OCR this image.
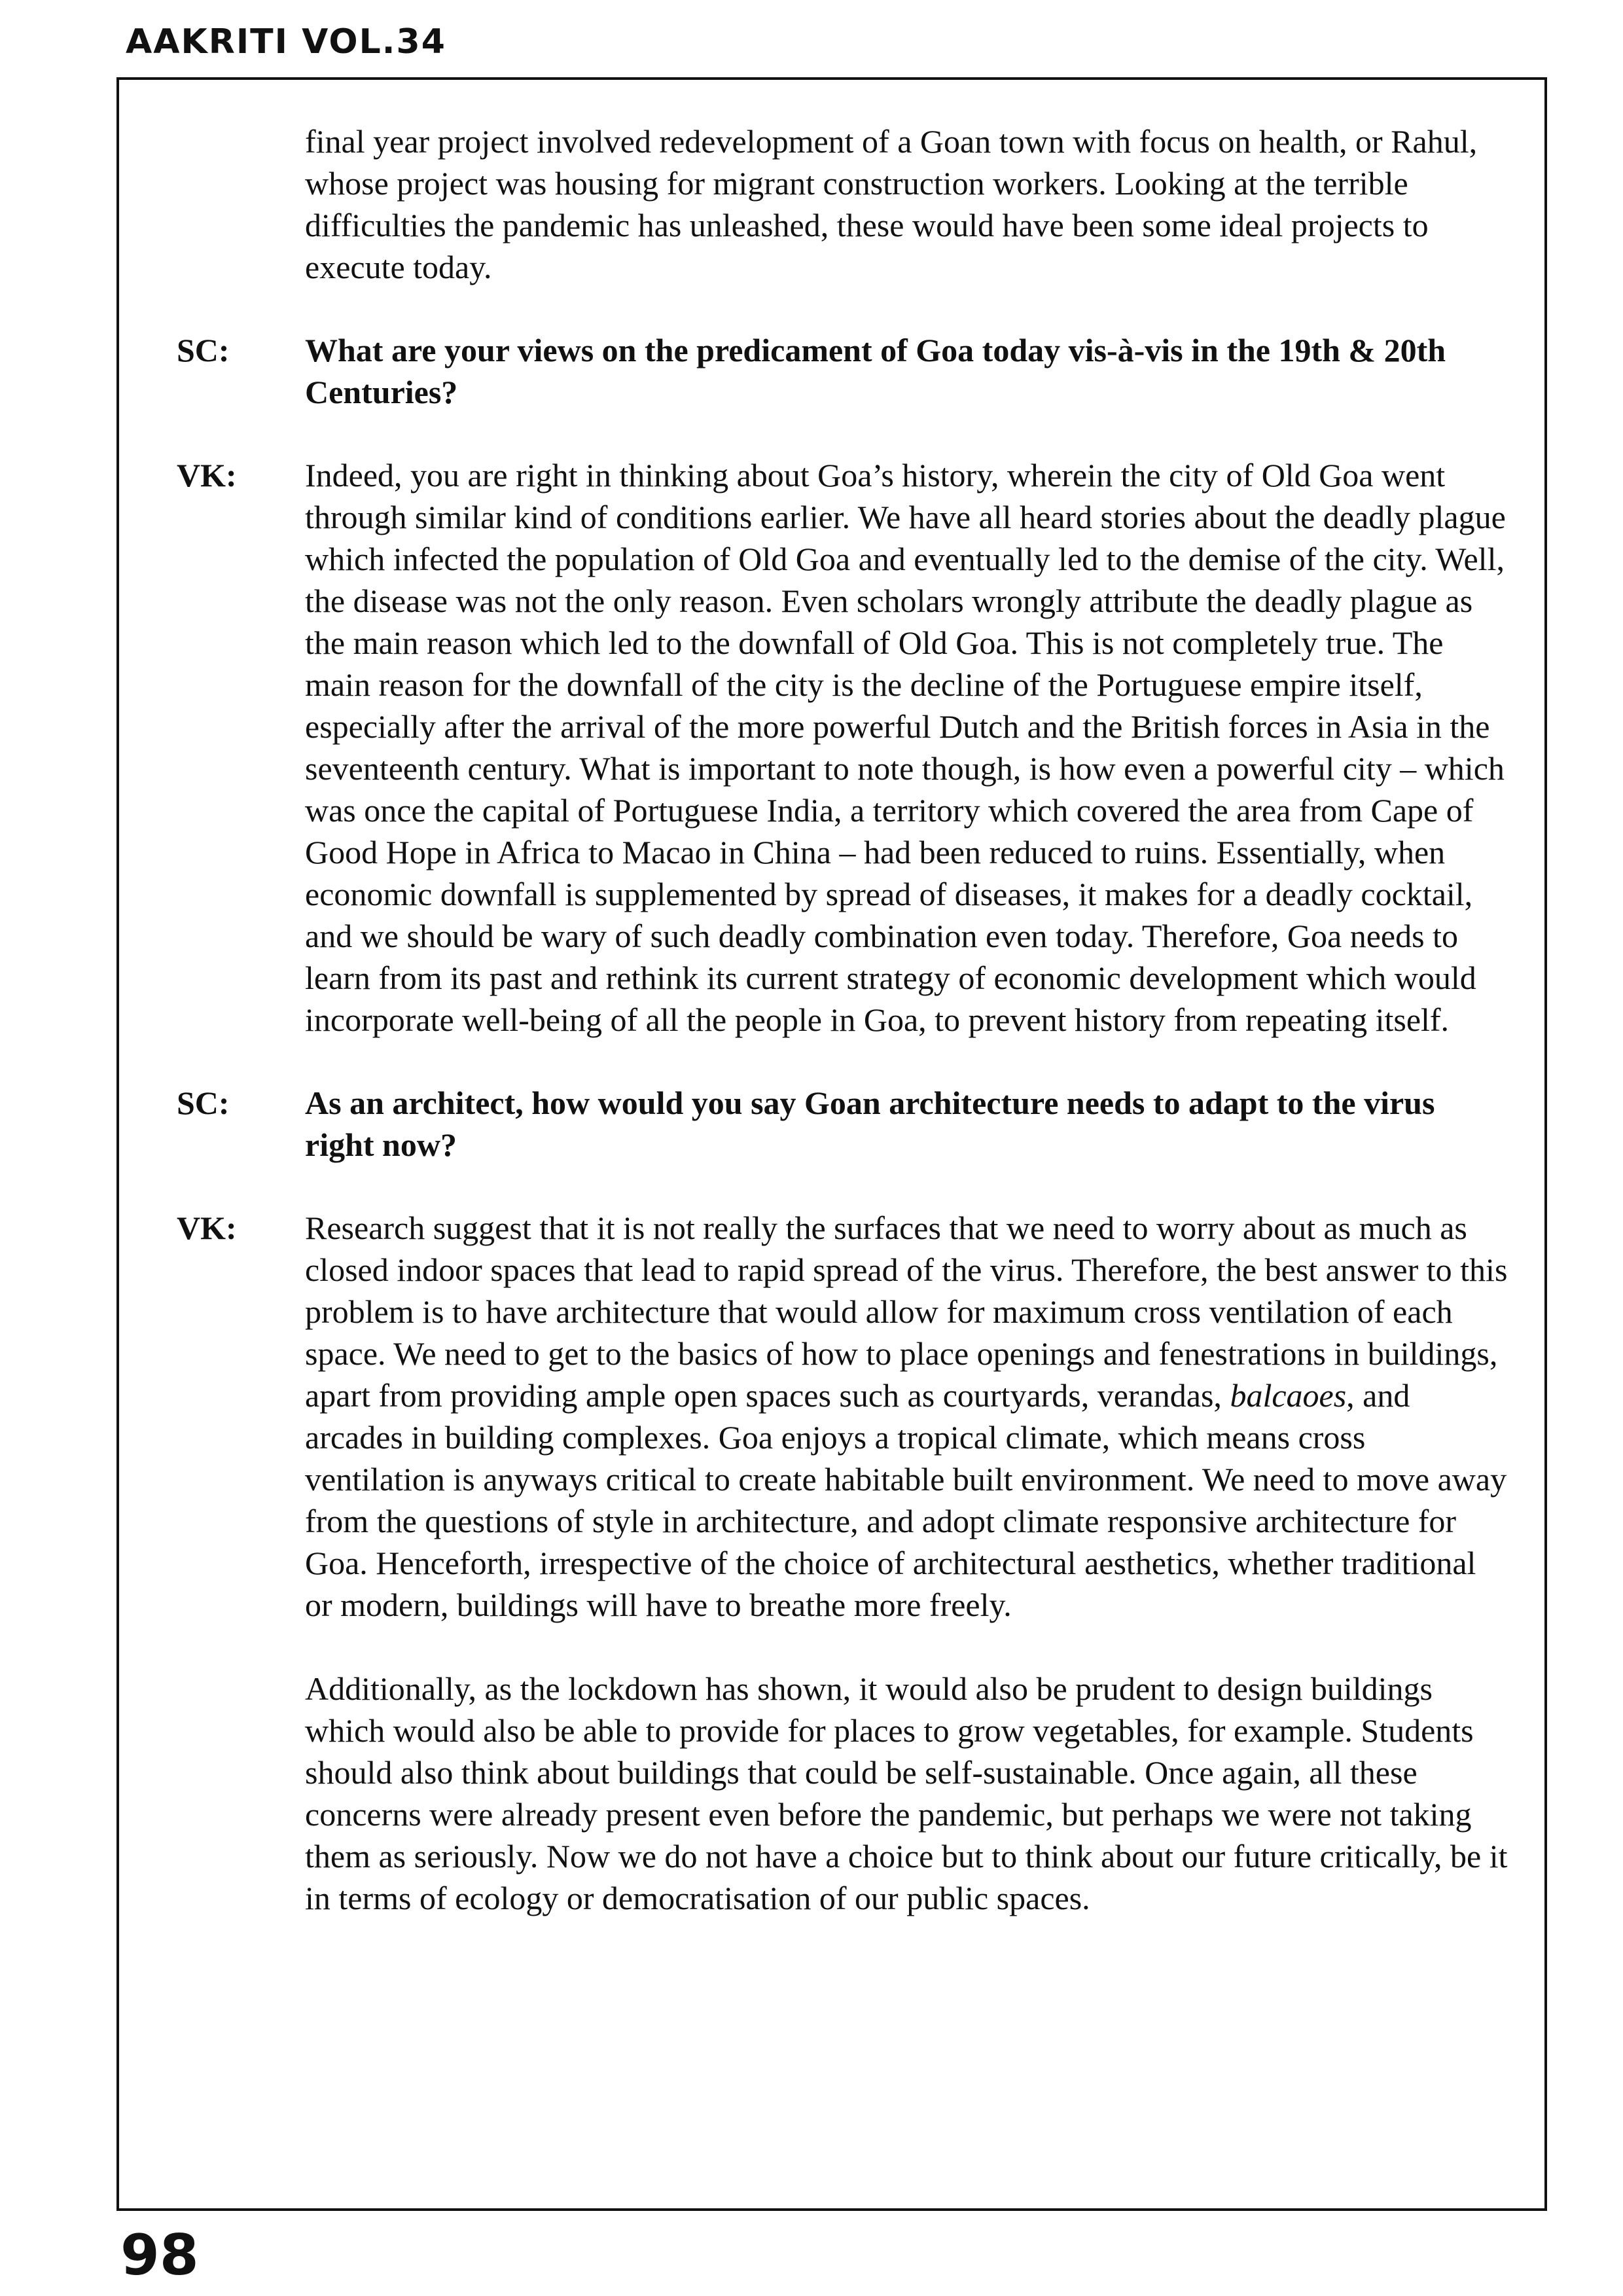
AAKRITI VOL.34
final year project involved redevelopment of a Goan town with focus on health, or Rahul, whose project was housing for migrant construction workers. Looking at the terrible difficulties the pandemic has unleashed, these would have been some ideal projects to execute today.
SC:	What are your views on the predicament of Goa today vis-à-vis in the 19th & 20th Centuries?
VK:	Indeed, you are right in thinking about Goa’s history, wherein the city of Old Goa went through similar kind of conditions earlier. We have all heard stories about the deadly plague which infected the population of Old Goa and eventually led to the demise of the city. Well, the disease was not the only reason. Even scholars wrongly attribute the deadly plague as the main reason which led to the downfall of Old Goa. This is not completely true. The main reason for the downfall of the city is the decline of the Portuguese empire itself, especially after the arrival of the more powerful Dutch and the British forces in Asia in the seventeenth century. What is important to note though, is how even a powerful city – which was once the capital of Portuguese India, a territory which covered the area from Cape of Good Hope in Africa to Macao in China – had been reduced to ruins. Essentially, when economic downfall is supplemented by spread of diseases, it makes for a deadly cocktail, and we should be wary of such deadly combination even today. Therefore, Goa needs to learn from its past and rethink its current strategy of economic development which would incorporate well-being of all the people in Goa, to prevent history from repeating itself.
SC:	As an architect, how would you say Goan architecture needs to adapt to the virus right now?
VK:	Research suggest that it is not really the surfaces that we need to worry about as much as closed indoor spaces that lead to rapid spread of the virus. Therefore, the best answer to this problem is to have architecture that would allow for maximum cross ventilation of each space. We need to get to the basics of how to place openings and fenestrations in buildings, apart from providing ample open spaces such as courtyards, verandas, balcaoes, and arcades in building complexes. Goa enjoys a tropical climate, which means cross ventilation is anyways critical to create habitable built environment. We need to move away from the questions of style in architecture, and adopt climate responsive architecture for Goa. Henceforth, irrespective of the choice of architectural aesthetics, whether traditional or modern, buildings will have to breathe more freely.

Additionally, as the lockdown has shown, it would also be prudent to design buildings which would also be able to provide for places to grow vegetables, for example. Students should also think about buildings that could be self-sustainable. Once again, all these concerns were already present even before the pandemic, but perhaps we were not taking them as seriously. Now we do not have a choice but to think about our future critically, be it in terms of ecology or democratisation of our public spaces.

98
